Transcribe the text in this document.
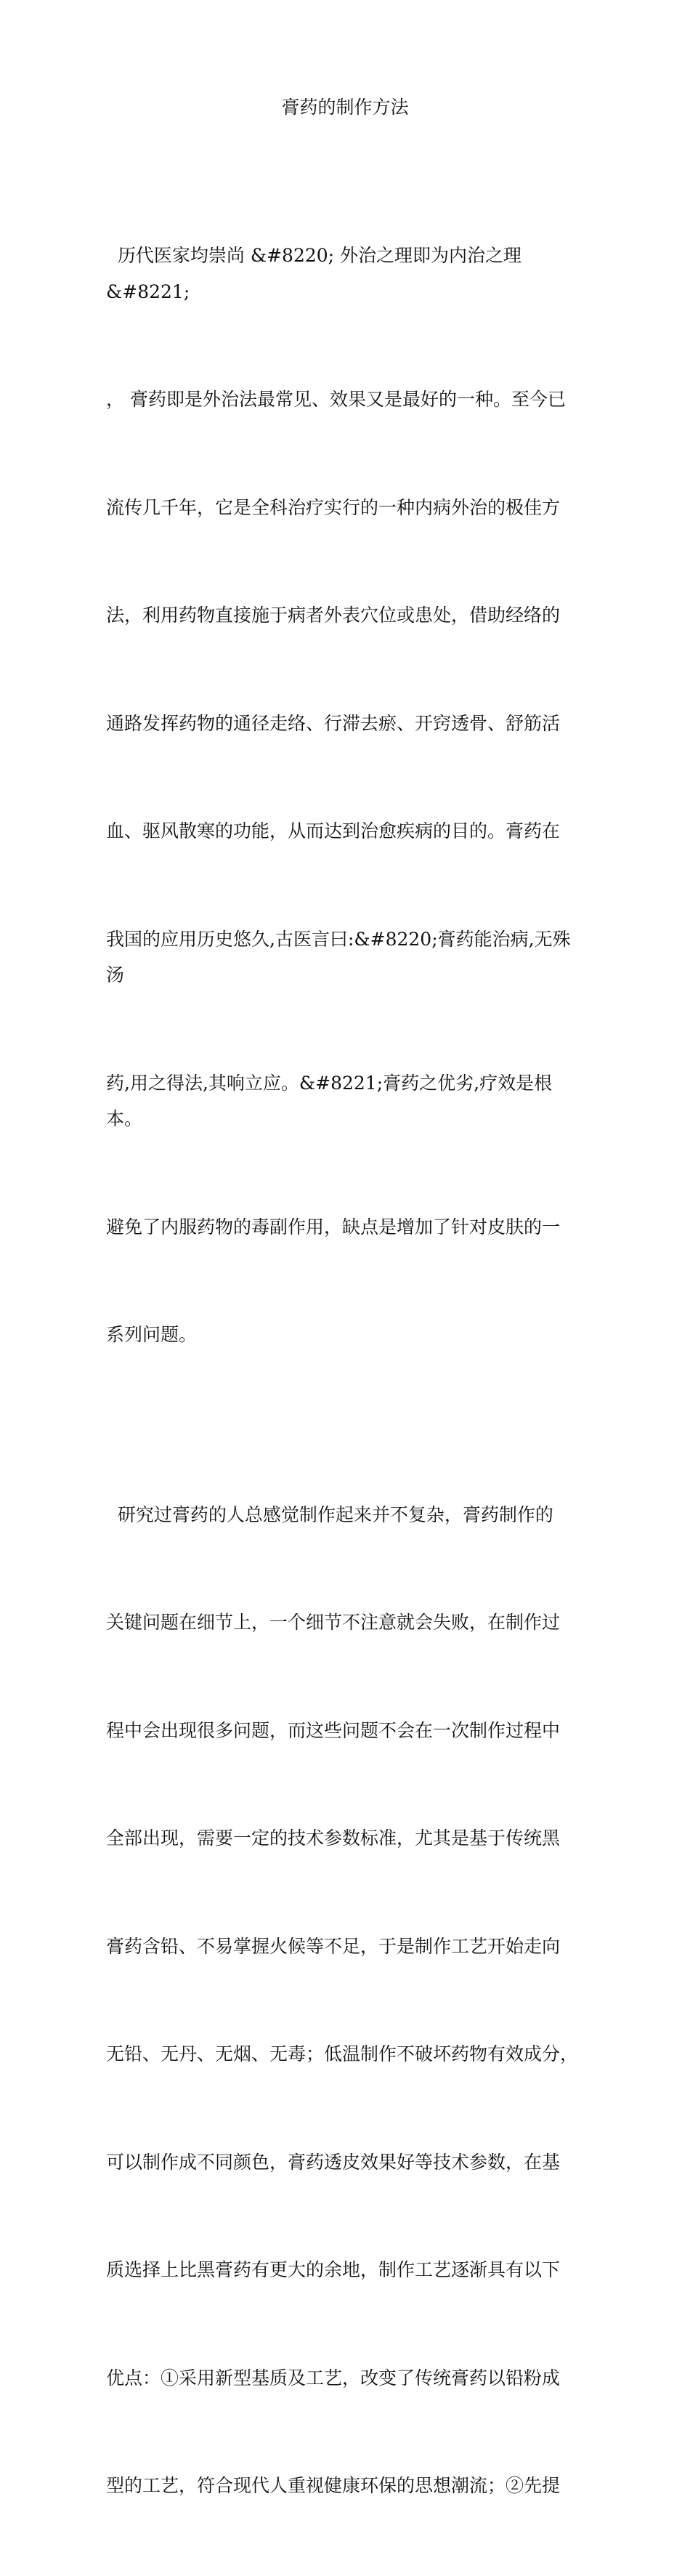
膏药的制作方法

历代医家均崇尚 &#8220; 外治之理即为内治之理 &#8221;

， 膏药即是外治法最常见、效果又是最好的一种。至今已

流传几千年，它是全科治疗实行的一种内病外治的极佳方

法，利用药物直接施于病者外表穴位或患处，借助经络的

通路发挥药物的通径走络、行滞去瘀、开窍透骨、舒筋活

血、驱风散寒的功能，从而达到治愈疾病的目的。膏药在

我国的应用历史悠久,古医言曰:&#8220;膏药能治病,无殊汤

药,用之得法,其响立应。&#8221;膏药之优劣,疗效是根本。

避免了内服药物的毒副作用，缺点是增加了针对皮肤的一

系列问题。

研究过膏药的人总感觉制作起来并不复杂，膏药制作的

关键问题在细节上，一个细节不注意就会失败，在制作过

程中会出现很多问题，而这些问题不会在一次制作过程中

全部出现，需要一定的技术参数标准，尤其是基于传统黑

膏药含铅、不易掌握火候等不足，于是制作工艺开始走向

无铅、无丹、无烟、无毒；低温制作不破坏药物有效成分，

可以制作成不同颜色，膏药透皮效果好等技术参数，在基

质选择上比黑膏药有更大的余地，制作工艺逐渐具有以下

优点：①采用新型基质及工艺，改变了传统膏药以铅粉成

型的工艺，符合现代人重视健康环保的思想潮流；②先提
